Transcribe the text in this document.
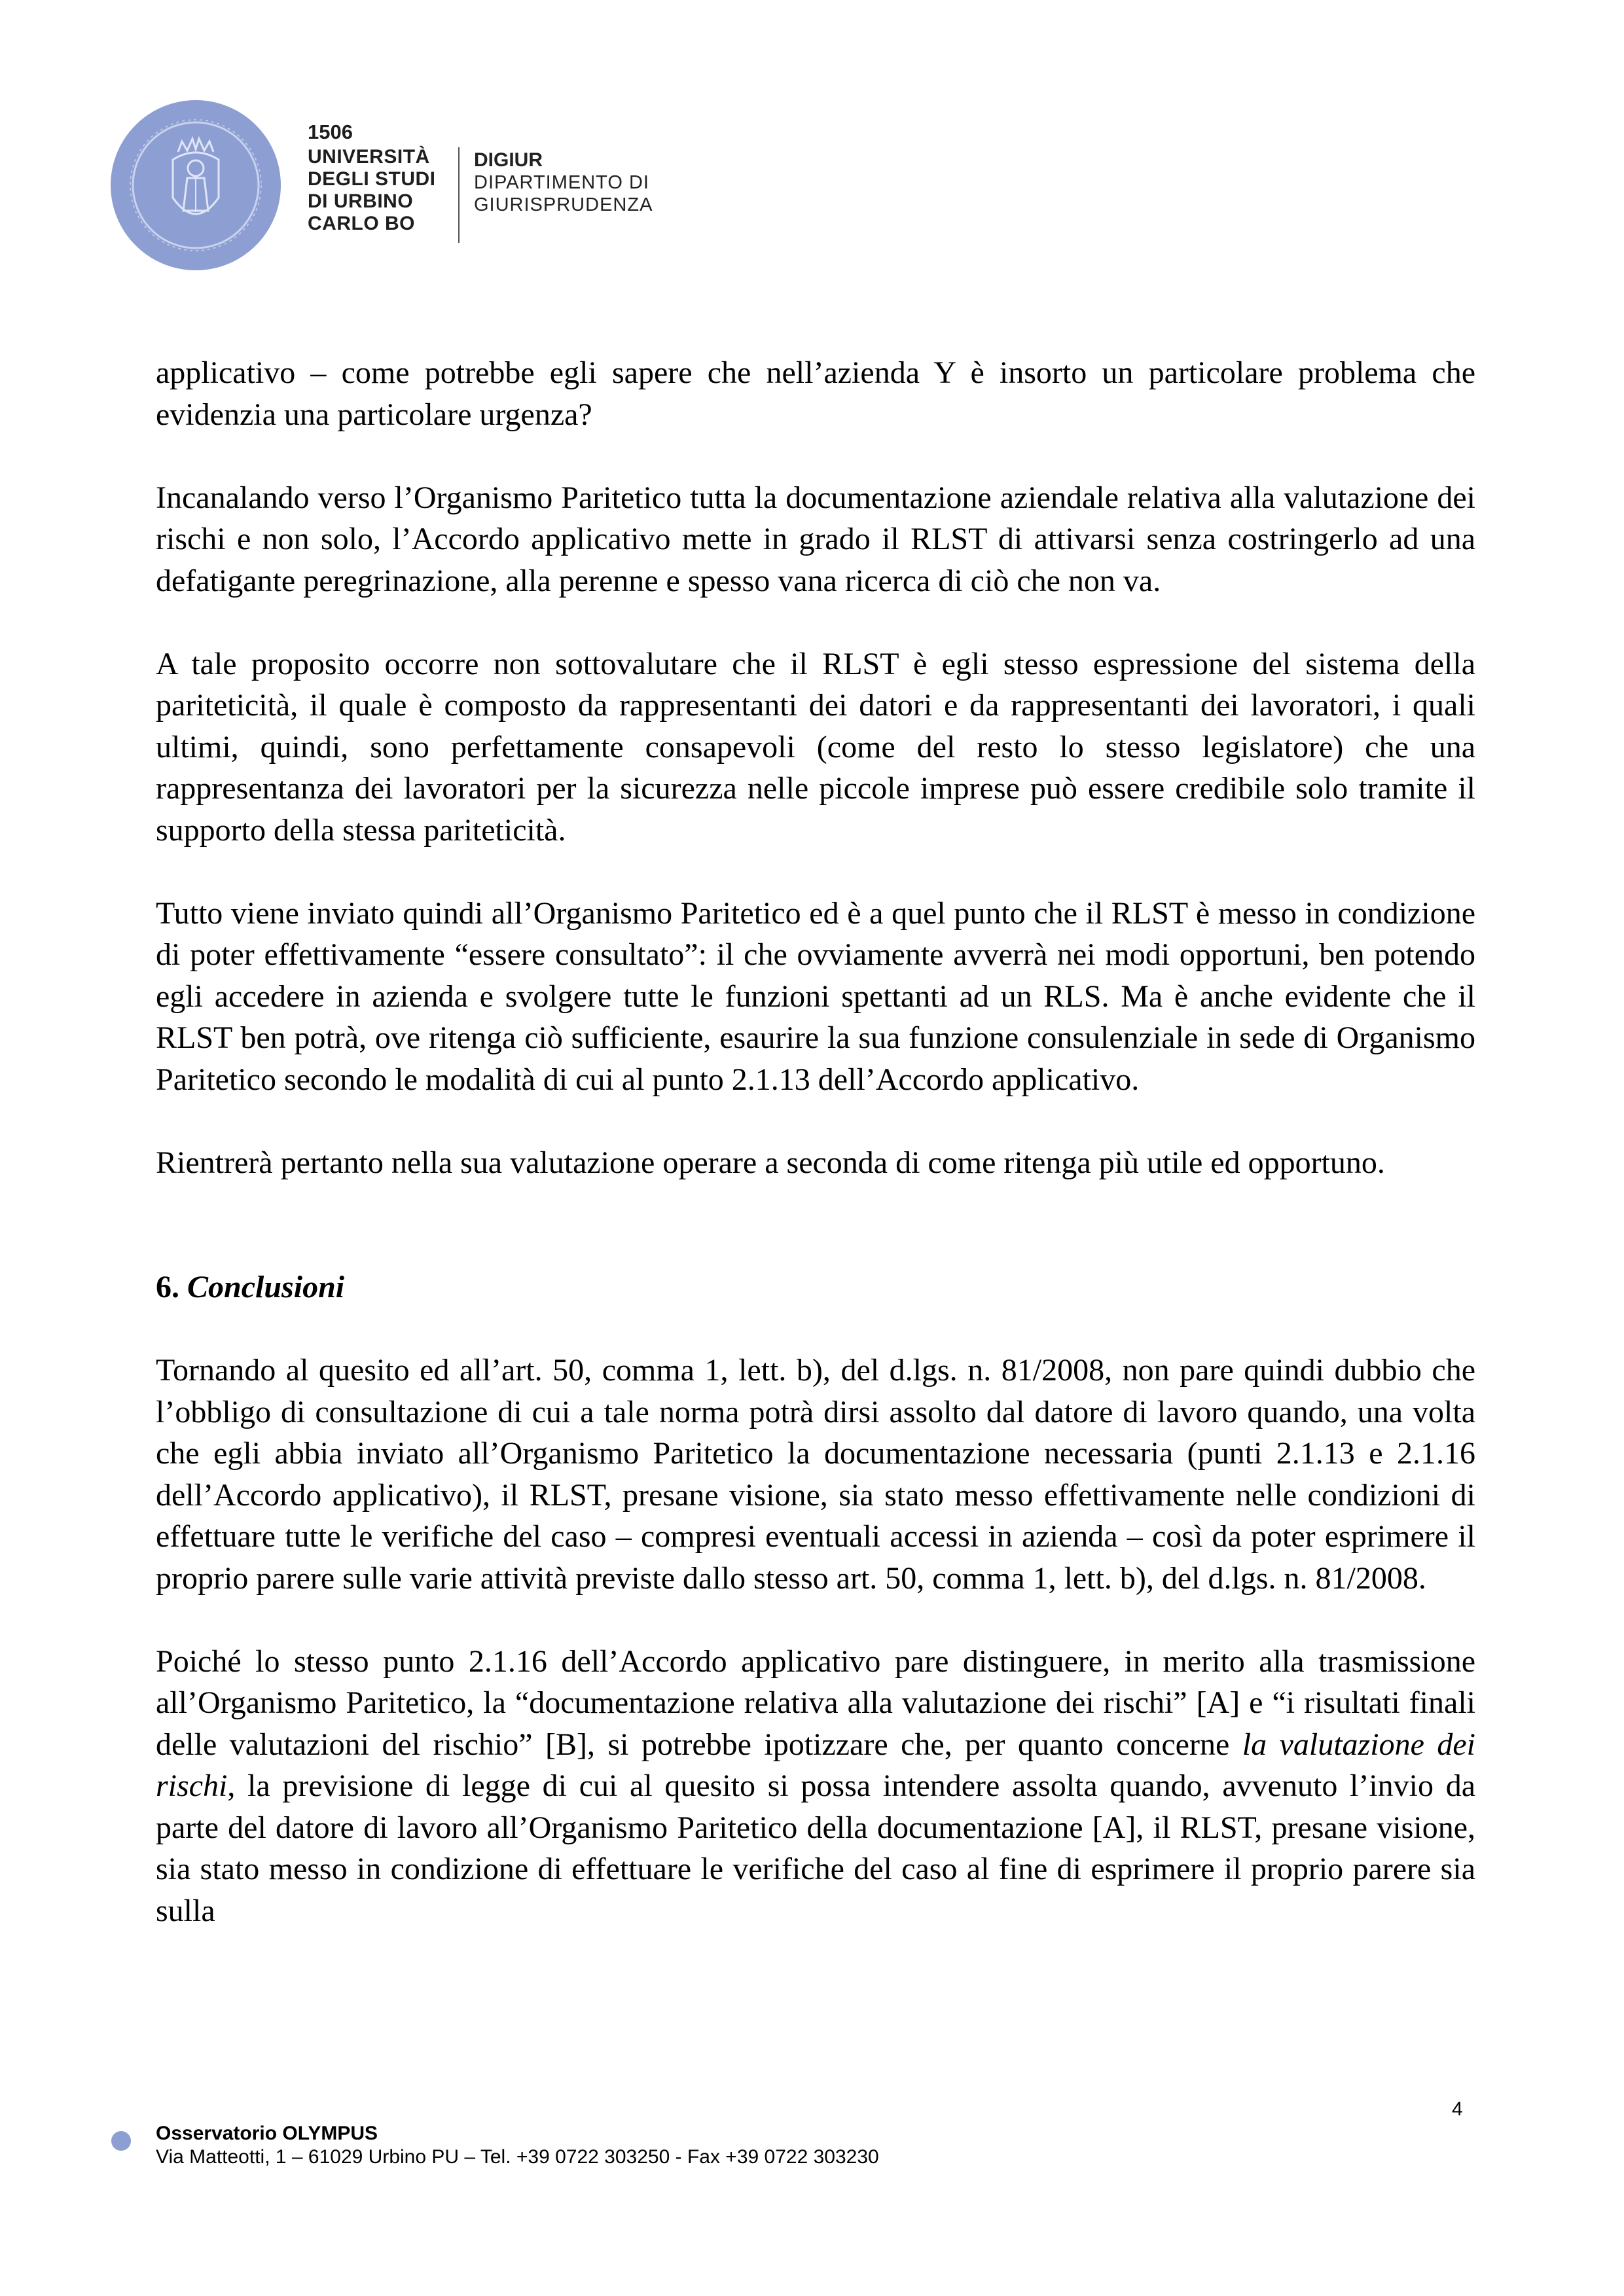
1506
UNIVERSITÀ
DEGLI STUDI
DI URBINO
CARLO BO
DIGIUR
DIPARTIMENTO DI
GIURISPRUDENZA

applicativo – come potrebbe egli sapere che nell’azienda Y è insorto un particolare problema che evidenzia una particolare urgenza?

Incanalando verso l’Organismo Paritetico tutta la documentazione aziendale relativa alla valutazione dei rischi e non solo, l’Accordo applicativo mette in grado il RLST di attivarsi senza costringerlo ad una defatigante peregrinazione, alla perenne e spesso vana ricerca di ciò che non va.

A tale proposito occorre non sottovalutare che il RLST è egli stesso espressione del sistema della pariteticità, il quale è composto da rappresentanti dei datori e da rappresentanti dei lavoratori, i quali ultimi, quindi, sono perfettamente consapevoli (come del resto lo stesso legislatore) che una rappresentanza dei lavoratori per la sicurezza nelle piccole imprese può essere credibile solo tramite il supporto della stessa pariteticità.

Tutto viene inviato quindi all’Organismo Paritetico ed è a quel punto che il RLST è messo in condizione di poter effettivamente “essere consultato”: il che ovviamente avverrà nei modi opportuni, ben potendo egli accedere in azienda e svolgere tutte le funzioni spettanti ad un RLS. Ma è anche evidente che il RLST ben potrà, ove ritenga ciò sufficiente, esaurire la sua funzione consulenziale in sede di Organismo Paritetico secondo le modalità di cui al punto 2.1.13 dell’Accordo applicativo.

Rientrerà pertanto nella sua valutazione operare a seconda di come ritenga più utile ed opportuno.

6. Conclusioni

Tornando al quesito ed all’art. 50, comma 1, lett. b), del d.lgs. n. 81/2008, non pare quindi dubbio che l’obbligo di consultazione di cui a tale norma potrà dirsi assolto dal datore di lavoro quando, una volta che egli abbia inviato all’Organismo Paritetico la documentazione necessaria (punti 2.1.13 e 2.1.16 dell’Accordo applicativo), il RLST, presane visione, sia stato messo effettivamente nelle condizioni di effettuare tutte le verifiche del caso – compresi eventuali accessi in azienda – così da poter esprimere il proprio parere sulle varie attività previste dallo stesso art. 50, comma 1, lett. b), del d.lgs. n. 81/2008.

Poiché lo stesso punto 2.1.16 dell’Accordo applicativo pare distinguere, in merito alla trasmissione all’Organismo Paritetico, la “documentazione relativa alla valutazione dei rischi” [A] e “i risultati finali delle valutazioni del rischio” [B], si potrebbe ipotizzare che, per quanto concerne la valutazione dei rischi, la previsione di legge di cui al quesito si possa intendere assolta quando, avvenuto l’invio da parte del datore di lavoro all’Organismo Paritetico della documentazione [A], il RLST, presane visione, sia stato messo in condizione di effettuare le verifiche del caso al fine di esprimere il proprio parere sia sulla

4
Osservatorio OLYMPUS
Via Matteotti, 1 – 61029 Urbino PU – Tel. +39 0722 303250 - Fax +39 0722 303230
